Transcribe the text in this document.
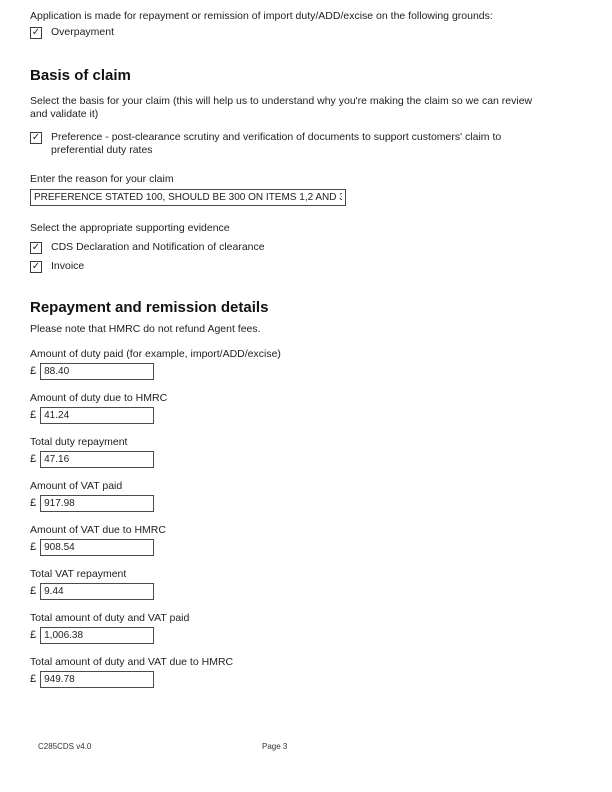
Application is made for repayment or remission of import duty/ADD/excise on the following grounds:
✓ Overpayment
Basis of claim
Select the basis for your claim (this will help us to understand why you're making the claim so we can review and validate it)
✓ Preference - post-clearance scrutiny and verification of documents to support customers' claim to preferential duty rates
Enter the reason for your claim
PREFERENCE STATED 100, SHOULD BE 300 ON ITEMS 1,2 AND 3
Select the appropriate supporting evidence
✓ CDS Declaration and Notification of clearance
✓ Invoice
Repayment and remission details
Please note that HMRC do not refund Agent fees.
Amount of duty paid (for example, import/ADD/excise)
£
88.40
Amount of duty due to HMRC
£
41.24
Total duty repayment
£
47.16
Amount of VAT paid
£
917.98
Amount of VAT due to HMRC
£
908.54
Total VAT repayment
£
9.44
Total amount of duty and VAT paid
£
1,006.38
Total amount of duty and VAT due to HMRC
£
949.78
C285CDS v4.0	Page 3
